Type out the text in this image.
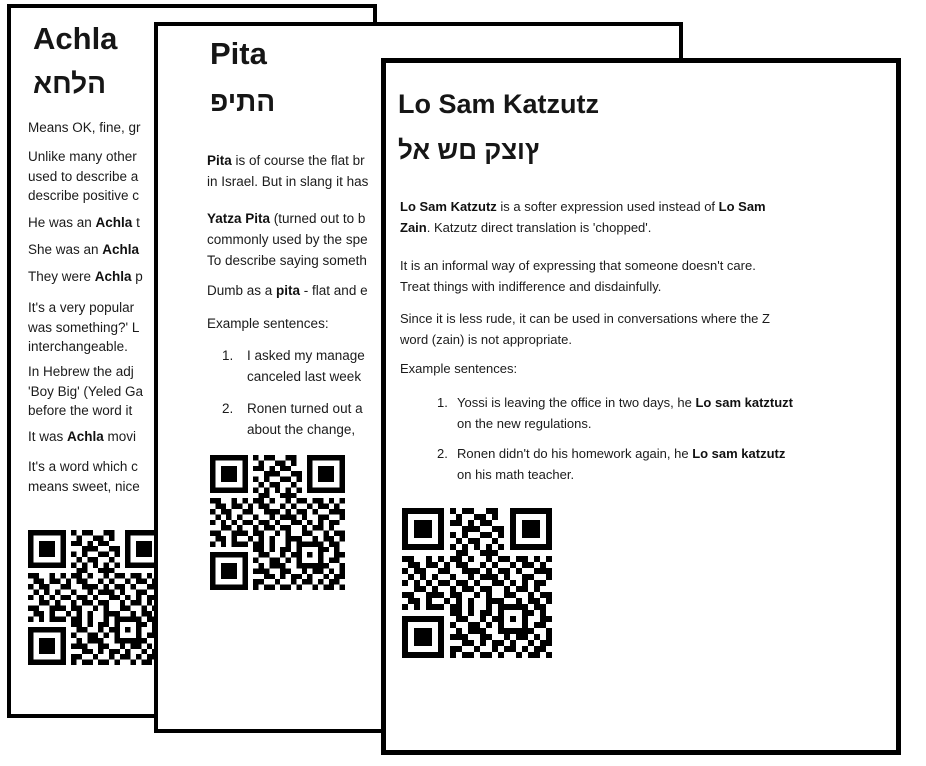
Achla
אחלה
Means OK, fine, gr
Unlike many other
used to describe a
describe positive c
He was an Achla t
She was an Achla
They were Achla p
It's a very popular
was something?' L
interchangeable.
In Hebrew the adj
'Boy Big' (Yeled Ga
before the word it
It was Achla movi
It's a word which c
means sweet, nice
Pita
פיתה
Pita is of course the flat br
in Israel. But in slang it has
Yatza Pita (turned out to b
commonly used by the spe
To describe saying someth
Dumb as a pita - flat and e
Example sentences:
1. I asked my manage
canceled last week
2. Ronen turned out a
about the change,
Lo Sam Katzutz
לא שם קצוץ
Lo Sam Katzutz is a softer expression used instead of Lo Sam
Zain. Katzutz direct translation is 'chopped'.
It is an informal way of expressing that someone doesn't care.
Treat things with indifference and disdainfully.
Since it is less rude, it can be used in conversations where the Z
word (zain) is not appropriate.
Example sentences:
1. Yossi is leaving the office in two days, he Lo sam katztuzt
on the new regulations.
2. Ronen didn't do his homework again, he Lo sam katzutz
on his math teacher.
